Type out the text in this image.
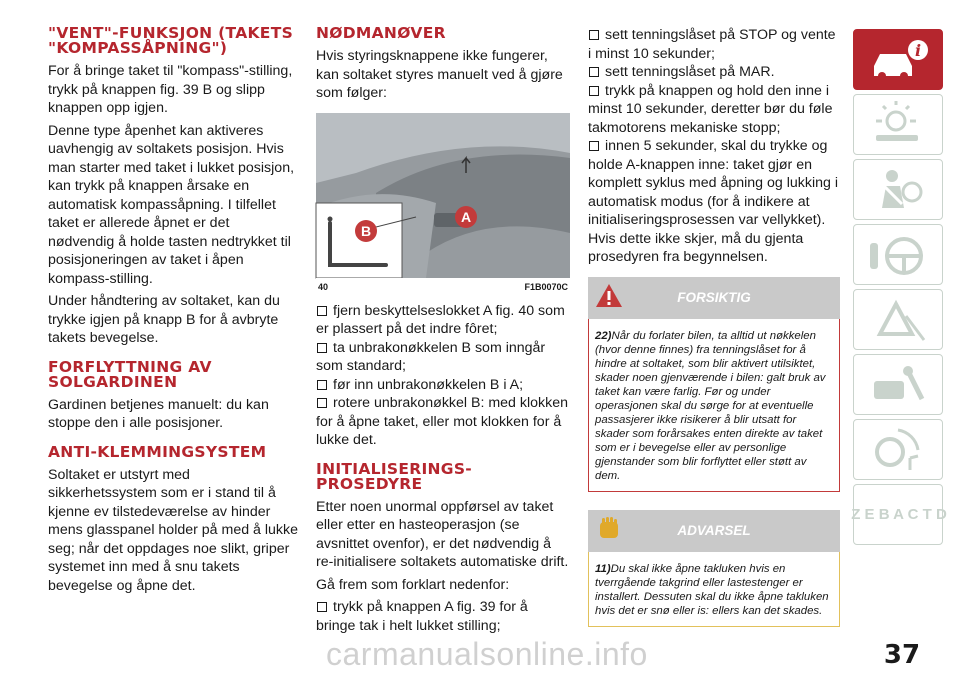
"VENT"-FUNKSJON (TAKETS "KOMPASSÅPNING")

For å bringe taket til "kompass"-stilling, trykk på knappen fig. 39 B og slipp knappen opp igjen.

Denne type åpenhet kan aktiveres uavhengig av soltakets posisjon. Hvis man starter med taket i lukket posisjon, kan trykk på knappen årsake en automatisk kompassåpning. I tilfellet taket er allerede åpnet er det nødvendig å holde tasten nedtrykket til posisjoneringen av taket i åpen kompass-stilling.

Under håndtering av soltaket, kan du trykke igjen på knapp B for å avbryte takets bevegelse.

FORFLYTTNING AV SOLGARDINEN

Gardinen betjenes manuelt: du kan stoppe den i alle posisjoner.

ANTI-KLEMMINGSYSTEM

Soltaket er utstyrt med sikkerhetssystem som er i stand til å kjenne ev tilstedeværelse av hinder mens glasspanel holder på med å lukke seg; når det oppdages noe slikt, griper systemet inn med å snu takets bevegelse og åpne det.

NØDMANØVER

Hvis styringsknappene ikke fungerer, kan soltaket styres manuelt ved å gjøre som følger:

B
A
40	F1B0070C
fjern beskyttelseslokket A fig. 40 som er plassert på det indre fôret;
ta unbrakonøkkelen B som inngår som standard;
før inn unbrakonøkkelen B i A;
rotere unbrakonøkkel B: med klokken for å åpne taket, eller mot klokken for å lukke det.
INITIALISERINGS- PROSEDYRE

Etter noen unormal oppførsel av taket eller etter en hasteoperasjon (se avsnittet ovenfor), er det nødvendig å re-initialisere soltakets automatiske drift.

Gå frem som forklart nedenfor:

trykk på knappen A fig. 39 for å bringe tak i helt lukket stilling;
sett tenningslåset på STOP og vente i minst 10 sekunder;
sett tenningslåset på MAR.
trykk på knappen og hold den inne i minst 10 sekunder, deretter bør du føle takmotorens mekaniske stopp;
innen 5 sekunder, skal du trykke og holde A-knappen inne: taket gjør en komplett syklus med åpning og lukking i automatisk modus (for å indikere at initialiseringsprosessen var vellykket).

Hvis dette ikke skjer, må du gjenta prosedyren fra begynnelsen.

FORSIKTIG

22)Når du forlater bilen, ta alltid ut nøkkelen (hvor denne finnes) fra tenningslåset for å hindre at soltaket, som blir aktivert utilsiktet, skader noen gjenværende i bilen: galt bruk av taket kan være farlig. Før og under operasjonen skal du sørge for at eventuelle passasjerer ikke risikerer å blir utsatt for skader som forårsakes enten direkte av taket som er i bevegelse eller av personlige gjenstander som blir forflyttet eller støtt av dem.

ADVARSEL

11)Du skal ikke åpne takluken hvis en tverrgående takgrind eller lastestenger er installert. Dessuten skal du ikke åpne takluken hvis det er snø eller is: ellers kan det skades.

i
Z E B A C T D
37
carmanualsonline.info
